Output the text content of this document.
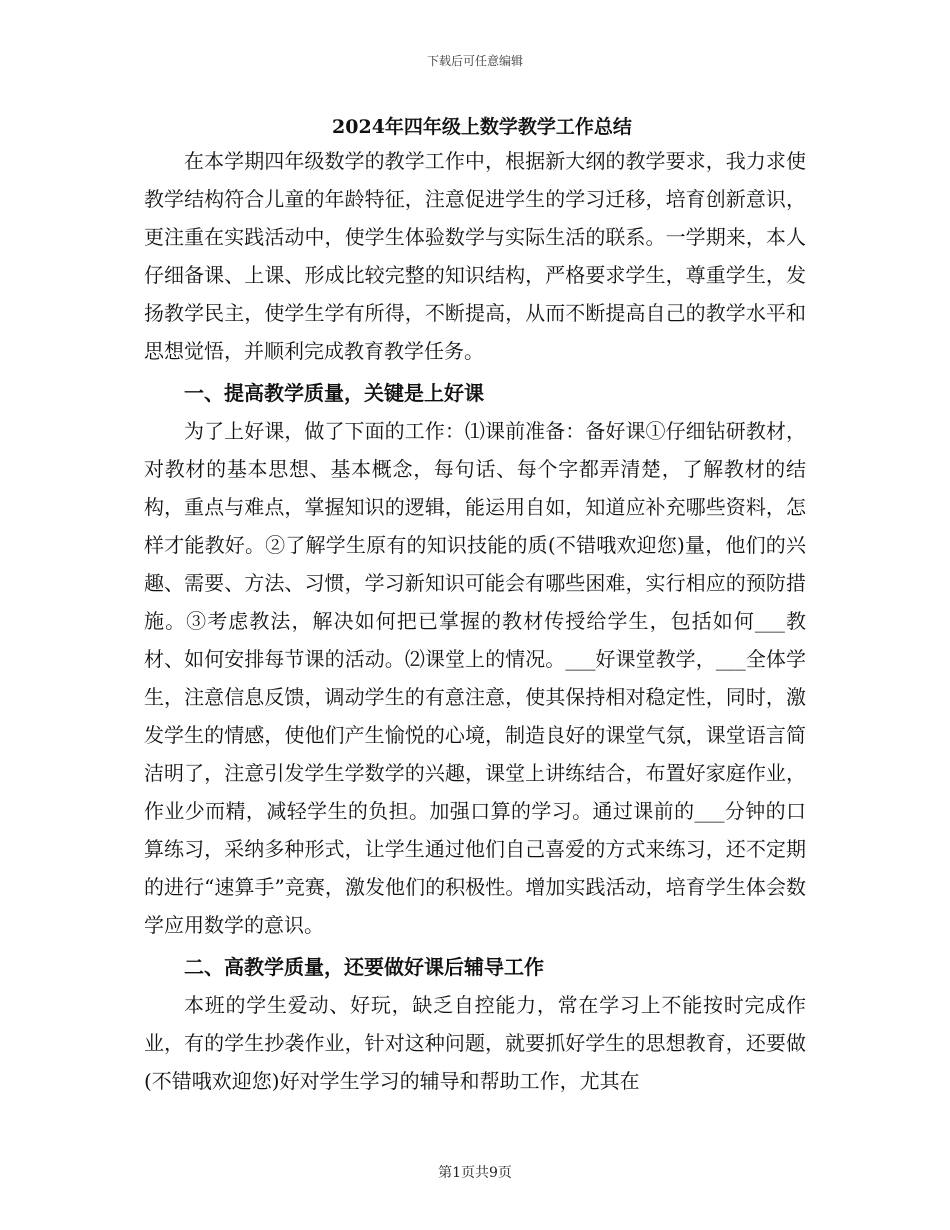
下载后可任意编辑
2024年四年级上数学教学工作总结

在本学期四年级数学的教学工作中，根据新大纲的教学要求，我力求使教学结构符合儿童的年龄特征，注意促进学生的学习迁移，培育创新意识，更注重在实践活动中，使学生体验数学与实际生活的联系。一学期来，本人仔细备课、上课、形成比较完整的知识结构，严格要求学生，尊重学生，发扬教学民主，使学生学有所得，不断提高，从而不断提高自己的教学水平和思想觉悟，并顺利完成教育教学任务。

一、提高教学质量，关键是上好课

为了上好课，做了下面的工作：⑴课前准备：备好课①仔细钻研教材，对教材的基本思想、基本概念，每句话、每个字都弄清楚，了解教材的结构，重点与难点，掌握知识的逻辑，能运用自如，知道应补充哪些资料，怎样才能教好。②了解学生原有的知识技能的质(不错哦欢迎您)量，他们的兴趣、需要、方法、习惯，学习新知识可能会有哪些困难，实行相应的预防措施。③考虑教法，解决如何把已掌握的教材传授给学生，包括如何___教材、如何安排每节课的活动。⑵课堂上的情况。___好课堂教学，___全体学生，注意信息反馈，调动学生的有意注意，使其保持相对稳定性，同时，激发学生的情感，使他们产生愉悦的心境，制造良好的课堂气氛，课堂语言简洁明了，注意引发学生学数学的兴趣，课堂上讲练结合，布置好家庭作业，作业少而精，减轻学生的负担。加强口算的学习。通过课前的___分钟的口算练习，采纳多种形式，让学生通过他们自己喜爱的方式来练习，还不定期的进行“速算手”竞赛，激发他们的积极性。增加实践活动，培育学生体会数学应用数学的意识。

二、高教学质量，还要做好课后辅导工作

本班的学生爱动、好玩，缺乏自控能力，常在学习上不能按时完成作业，有的学生抄袭作业，针对这种问题，就要抓好学生的思想教育，还要做(不错哦欢迎您)好对学生学习的辅导和帮助工作，尤其在

第1页共9页
